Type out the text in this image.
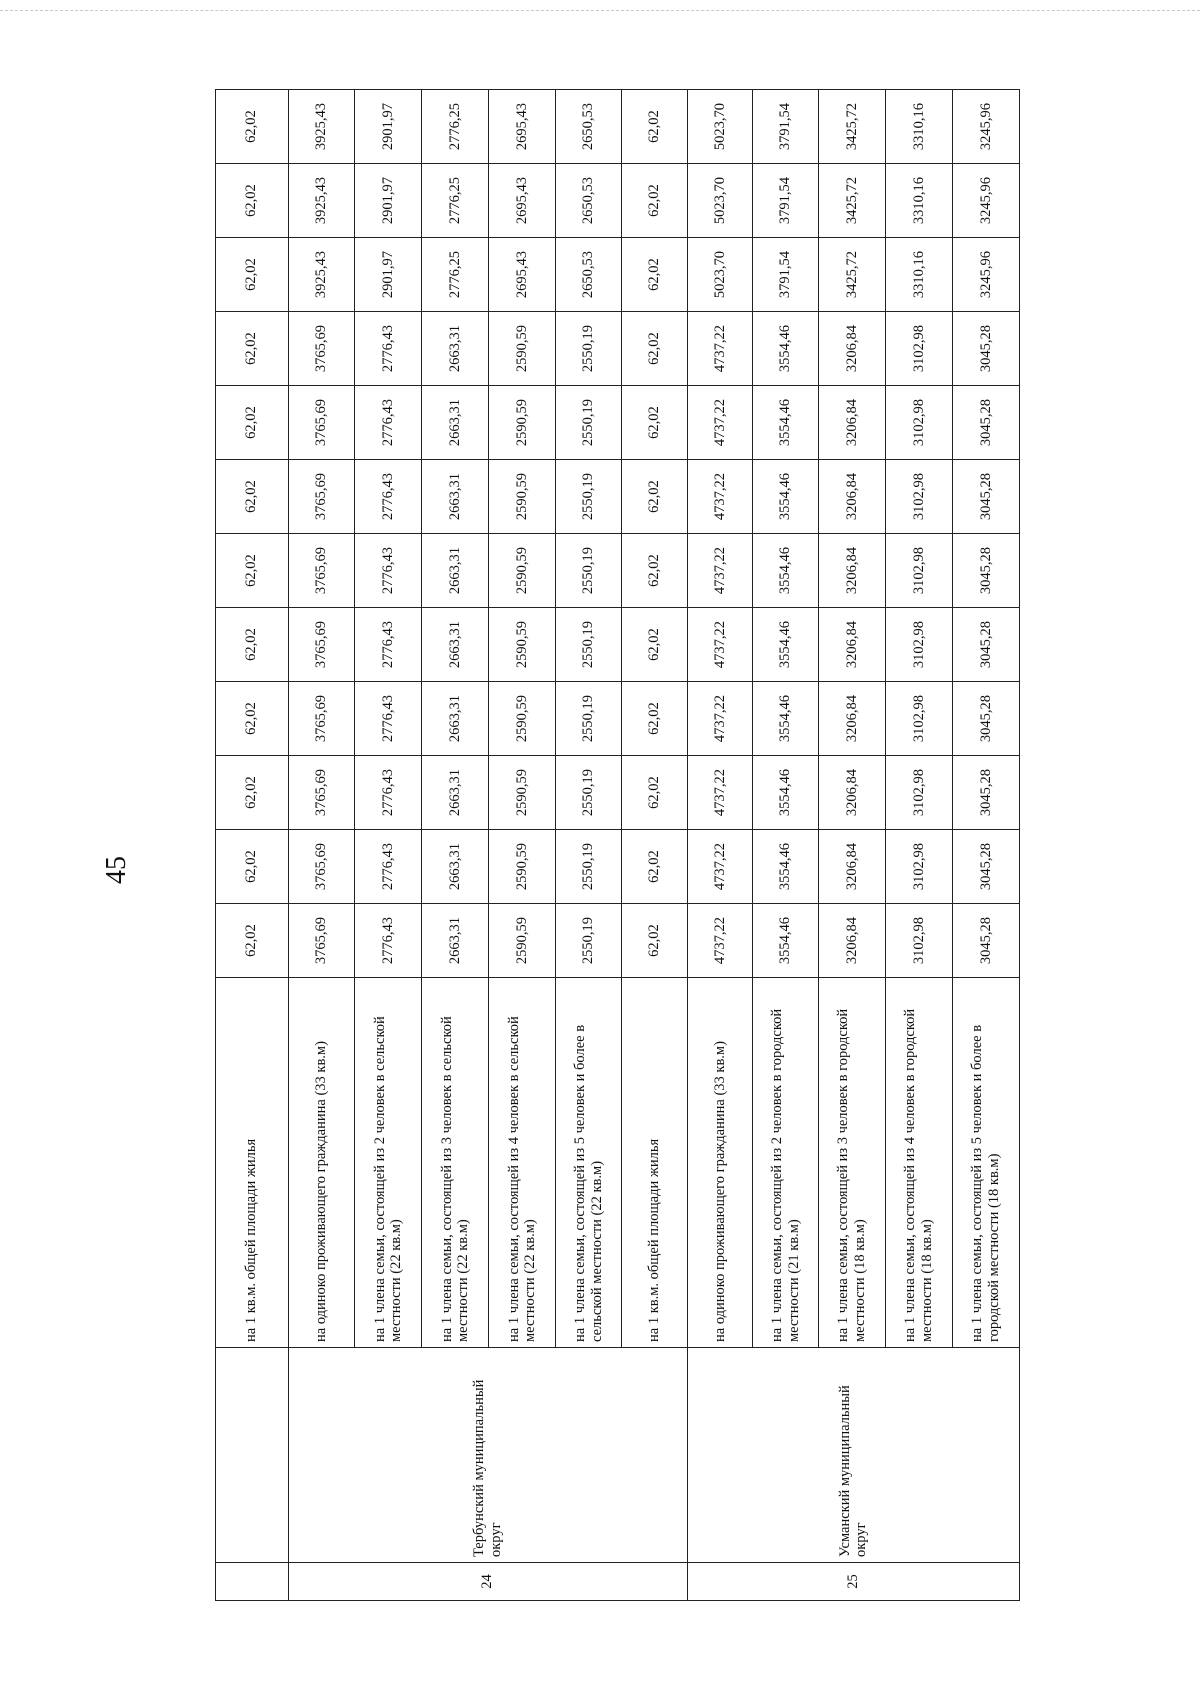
45
		на 1 кв.м. общей площади жилья	62,02	62,02	62,02	62,02	62,02	62,02	62,02	62,02	62,02	62,02	62,02	62,02
24	Тербунский муниципальный округ	на одиноко проживающего гражданина (33 кв.м)	3765,69	3765,69	3765,69	3765,69	3765,69	3765,69	3765,69	3765,69	3765,69	3925,43	3925,43	3925,43
		на 1 члена семьи, состоящей из 2 человек в сельской местности (22 кв.м)	2776,43	2776,43	2776,43	2776,43	2776,43	2776,43	2776,43	2776,43	2776,43	2901,97	2901,97	2901,97
		на 1 члена семьи, состоящей из 3 человек в сельской местности (22 кв.м)	2663,31	2663,31	2663,31	2663,31	2663,31	2663,31	2663,31	2663,31	2663,31	2776,25	2776,25	2776,25
		на 1 члена семьи, состоящей из 4 человек в сельской местности (22 кв.м)	2590,59	2590,59	2590,59	2590,59	2590,59	2590,59	2590,59	2590,59	2590,59	2695,43	2695,43	2695,43
		на 1 члена семьи, состоящей из 5 человек и более в сельской местности (22 кв.м)	2550,19	2550,19	2550,19	2550,19	2550,19	2550,19	2550,19	2550,19	2550,19	2650,53	2650,53	2650,53
		на 1 кв.м. общей площади жилья	62,02	62,02	62,02	62,02	62,02	62,02	62,02	62,02	62,02	62,02	62,02	62,02
25	Усманский муниципальный округ	на одиноко проживающего гражданина (33 кв.м)	4737,22	4737,22	4737,22	4737,22	4737,22	4737,22	4737,22	4737,22	4737,22	5023,70	5023,70	5023,70
		на 1 члена семьи, состоящей из 2 человек в городской местности (21 кв.м)	3554,46	3554,46	3554,46	3554,46	3554,46	3554,46	3554,46	3554,46	3554,46	3791,54	3791,54	3791,54
		на 1 члена семьи, состоящей из 3 человек в городской местности (18 кв.м)	3206,84	3206,84	3206,84	3206,84	3206,84	3206,84	3206,84	3206,84	3206,84	3425,72	3425,72	3425,72
		на 1 члена семьи, состоящей из 4 человек в городской местности (18 кв.м)	3102,98	3102,98	3102,98	3102,98	3102,98	3102,98	3102,98	3102,98	3102,98	3310,16	3310,16	3310,16
		на 1 члена семьи, состоящей из 5 человек и более в городской местности (18 кв.м)	3045,28	3045,28	3045,28	3045,28	3045,28	3045,28	3045,28	3045,28	3045,28	3245,96	3245,96	3245,96
